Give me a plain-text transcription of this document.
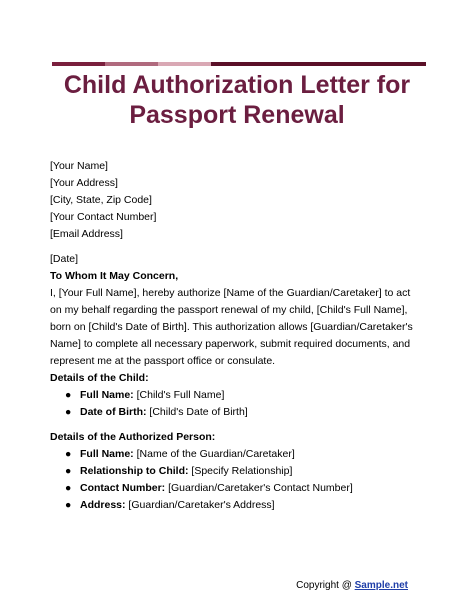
Child Authorization Letter for
Passport Renewal

[Your Name]

[Your Address]

[City, State, Zip Code]

[Your Contact Number]

[Email Address]

[Date]

To Whom It May Concern,

I, [Your Full Name], hereby authorize [Name of the Guardian/Caretaker] to act on my behalf regarding the passport renewal of my child, [Child's Full Name], born on [Child's Date of Birth]. This authorization allows [Guardian/Caretaker's Name] to complete all necessary paperwork, submit required documents, and represent me at the passport office or consulate.

Details of the Child:

● Full Name: [Child's Full Name]
● Date of Birth: [Child's Date of Birth]

Details of the Authorized Person:

● Full Name: [Name of the Guardian/Caretaker]
● Relationship to Child: [Specify Relationship]
● Contact Number: [Guardian/Caretaker's Contact Number]
● Address: [Guardian/Caretaker's Address]
Copyright @ Sample.net
